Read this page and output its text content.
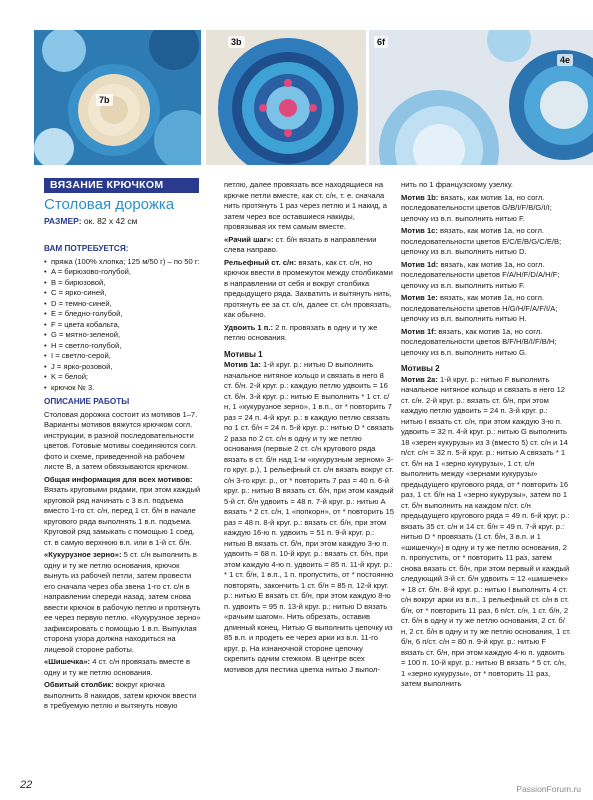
7b
3b	6f
4e
ВЯЗАНИЕ КРЮЧКОМ
Столовая дорожка
РАЗМЕР: ок. 82 х 42 см
ВАМ ПОТРЕБУЕТСЯ:
• пряжа (100% хлопка; 125 м/50 г) – по 50 г:
• A = бирюзово-голубой,
• B = бирюзовой,
• C = ярко-синей,
• D = темно-синей,
• E = бледно-голубой,
• F = цвета кобальта,
• G = мятно-зеленой,
• H = светло-голубой,
• I = светло-серой,
• J = ярко-розовой,
• K = белой;
• крючок № 3.
ОПИСАНИЕ РАБОТЫ
Столовая дорожка состоит из мотивов 1–7. Варианты мотивов вяжутся крючком согл. инструкции, в разной последовательности цветов. Готовые мотивы соединяются согл. фото и схеме, приведенной на рабочем листе B, а затем обвязываются крючком.
Общая информация для всех мотивов: Вязать круговыми рядами, при этом каждый круговой ряд начинать с 3 в.п. подъема вместо 1-го ст. с/н, перед 1 ст. б/н в начале кругового ряда выполнять 1 в.п. подъема. Круговой ряд замыкать с помощью 1 соед. ст. в самую верхнюю в.п. или в 1-й ст. б/н.
«Кукурузное зерно»: 5 ст. с/н выполнить в одну и ту же петлю основания, крючок вынуть из рабочей петли, затем провести его сначала через оба звена 1-го ст. с/н в направлении спереди назад, затем снова ввести крючок в рабочую петлю и протянуть ее через первую петлю. «Кукурузное зерно» зафиксировать с помощью 1 в.п. Выпуклая сторона узора должна находиться на лицевой стороне работы.
«Шишечка»: 4 ст. с/н провязать вместе в одну и ту же петлю основания.
Обвитый столбик: вокруг крючка выполнить 8 накидов, затем крючок ввести в требуемую петлю и вытянуть новую
петлю, далее провязать все находящиеся на крючке петли вместе, как ст. с/н, т. е. сначала нить протянуть 1 раз через петлю и 1 накид, а затем через все оставшиеся накиды, провязывая их тем самым вместе.
«Рачий шаг»: ст. б/н вязать в направлении слева направо.
Рельефный ст. с/н: вязать, как ст. с/н, но крючок ввести в промежуток между столбиками в направлении от себя и вокруг столбика предыдущего ряда. Захватить и вытянуть нить, протянуть ее за ст. с/н, далее ст. с/н провязать, как обычно.
Удвоить 1 п.: 2 п. провязать в одну и ту же петлю основания.
Мотивы 1
Мотив 1a: 1-й круг. р.: нитью D выполнить начальное нитяное кольцо и связать в него 8 ст. б/н. 2-й круг. р.: каждую петлю удвоить = 16 ст. б/н. 3-й круг. р.: нитью E выполнить * 1 ст. с/н, 1 «кукурузное зерно», 1 в.п., от * повторить 7 раз = 24 п. 4-й круг. р.: в каждую петлю связать по 1 ст. б/н = 24 п. 5-й круг. р.: нитью D * связать 2 раза по 2 ст. с/н в одну и ту же петлю основания (первые 2 ст. с/н кругового ряда вязать в ст. б/н над 1-м «кукурузным зерном» 3-го круг. р.), 1 рельефный ст. с/н вязать вокруг ст. с/н 3-го круг. р., от * повторить 7 раз = 40 п. 6-й круг. р.: нитью B вязать ст. б/н, при этом каждый 5-й ст. б/н удвоить = 48 п. 7-й круг. р.: нитью A вязать * 2 ст. с/н, 1 «попкорн», от * повторить 15 раз = 48 п. 8-й круг. р.: вязать ст. б/н, при этом каждую 16-ю п. удвоить = 51 п. 9-й круг. р.: нитью B вязать ст. б/н, при этом каждую 3-ю п. удвоить = 68 п. 10-й круг. р.: вязать ст. б/н, при этом каждую 4-ю п. удвоить = 85 п. 11-й круг. р.: * 1 ст. б/н, 1 в.п., 1 п. пропустить, от * постоянно повторять, закончить 1 ст. б/н = 85 п. 12-й круг. р.: нитью E вязать ст. б/н, при этом каждую 8-ю п. удвоить = 95 п. 13-й круг. р.: нитью D вязать «рачьим шагом». Нить обрезать, оставив длинный конец. Нитью G выполнить цепочку из 85 в.п. и продеть ее через арки из в.п. 11-го круг. р. На изнаночной стороне цепочку скрепить одним стежком. В центре всех мотивов для пестика цветка нитью J выпол-
нить по 1 французскому узелку.
Мотив 1b: вязать, как мотив 1a, но согл. последовательности цветов G/B/I/F/B/G/I/I; цепочку из в.п. выполнить нитью F.
Мотив 1c: вязать, как мотив 1a, но согл. последовательности цветов E/C/E/B/G/C/E/B; цепочку из в.п. выполнить нитью D.
Мотив 1d: вязать, как мотив 1a, но согл. последовательности цветов F/A/H/F/D/A/H/F; цепочку из в.п. выполнить нитью F.
Мотив 1e: вязать, как мотив 1a, но согл. последовательности цветов H/G/H/F/A/F/I/A; цепочку из в.п. выполнить нитью H.
Мотив 1f: вязать, как мотив 1a, но согл. последовательности цветов B/F/H/B/I/F/B/H; цепочку из в.п. выполнить нитью G.
Мотивы 2
Мотив 2a: 1-й круг. р.: нитью F выполнить начальное нитяное кольцо и связать в него 12 ст. с/н. 2-й круг. р.: вязать ст. б/н, при этом каждую петлю удвоить = 24 п. 3-й круг. р.: нитью I вязать ст. с/н, при этом каждую 3-ю п. удвоить = 32 п. 4-й круг. р.: нитью G выполнить 18 «зерен кукурузы» из 3 (вместо 5) ст. с/н и 14 п/ст. с/н = 32 п. 5-й круг. р.: нитью A связать * 1 ст. б/н на 1 «зерно кукурузы», 1 ст. с/н выполнить между «зернами кукурузы» предыдущего кругового ряда, от * повторить 16 раз, 1 ст. б/н на 1 «зерно кукурузы», затем по 1 ст. б/н выполнить на каждом п/ст. с/н предыдущего кругового ряда = 49 п. 6-й круг. р.: вязать 35 ст. с/н и 14 ст. б/н = 49 п. 7-й круг. р.: нитью D * провязать (1 ст. б/н, 3 в.п. и 1 «шишечку») в одну и ту же петлю основания, 2 п. пропустить, от * повторить 11 раз, затем снова вязать ст. б/н, при этом первый и каждый следующий 3-й ст. б/н удвоить = 12 «шишечек» + 18 ст. б/н. 8-й круг. р.: нитью I выполнить 4 ст. с/н вокруг арки из в.п., 1 рельефный ст. с/н в ст. б/н, от * повторить 11 раз, 6 п/ст. с/н, 1 ст. б/н, 2 ст. б/н в одну и ту же петлю основания, 2 ст. б/н, 2 ст. б/н в одну и ту же петлю основания, 1 ст. б/н, 6 п/ст. с/н = 80 п. 9-й круг. р.: нитью F вязать ст. б/н, при этом каждую 4-ю п. удвоить = 100 п. 10-й круг. р.: нитью B вязать * 5 ст. с/н, 1 «зерно кукурузы», от * повторить 11 раз, затем выполнить
22	PassionForum.ru
